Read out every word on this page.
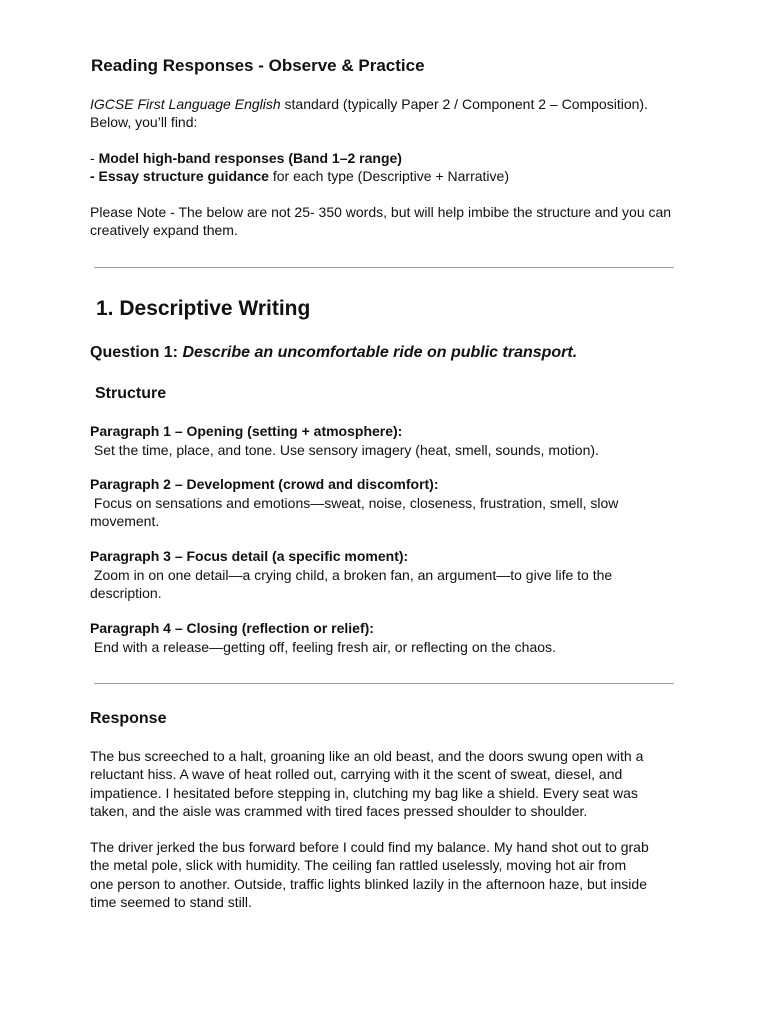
Reading Responses - Observe & Practice

IGCSE First Language English standard (typically Paper 2 / Component 2 – Composition).
Below, you’ll find:

- Model high-band responses (Band 1–2 range)
- Essay structure guidance for each type (Descriptive + Narrative)

Please Note - The below are not 25- 350 words, but will help imbibe the structure and you can creatively expand them.

1. Descriptive Writing
Question 1: Describe an uncomfortable ride on public transport.
Structure
Paragraph 1 – Opening (setting + atmosphere):
Set the time, place, and tone. Use sensory imagery (heat, smell, sounds, motion).
Paragraph 2 – Development (crowd and discomfort):
Focus on sensations and emotions—sweat, noise, closeness, frustration, smell, slow movement.
Paragraph 3 – Focus detail (a specific moment):
Zoom in on one detail—a crying child, a broken fan, an argument—to give life to the description.
Paragraph 4 – Closing (reflection or relief):
End with a release—getting off, feeling fresh air, or reflecting on the chaos.
Response

The bus screeched to a halt, groaning like an old beast, and the doors swung open with a reluctant hiss. A wave of heat rolled out, carrying with it the scent of sweat, diesel, and impatience. I hesitated before stepping in, clutching my bag like a shield. Every seat was taken, and the aisle was crammed with tired faces pressed shoulder to shoulder.

The driver jerked the bus forward before I could find my balance. My hand shot out to grab the metal pole, slick with humidity. The ceiling fan rattled uselessly, moving hot air from one person to another. Outside, traffic lights blinked lazily in the afternoon haze, but inside time seemed to stand still.
